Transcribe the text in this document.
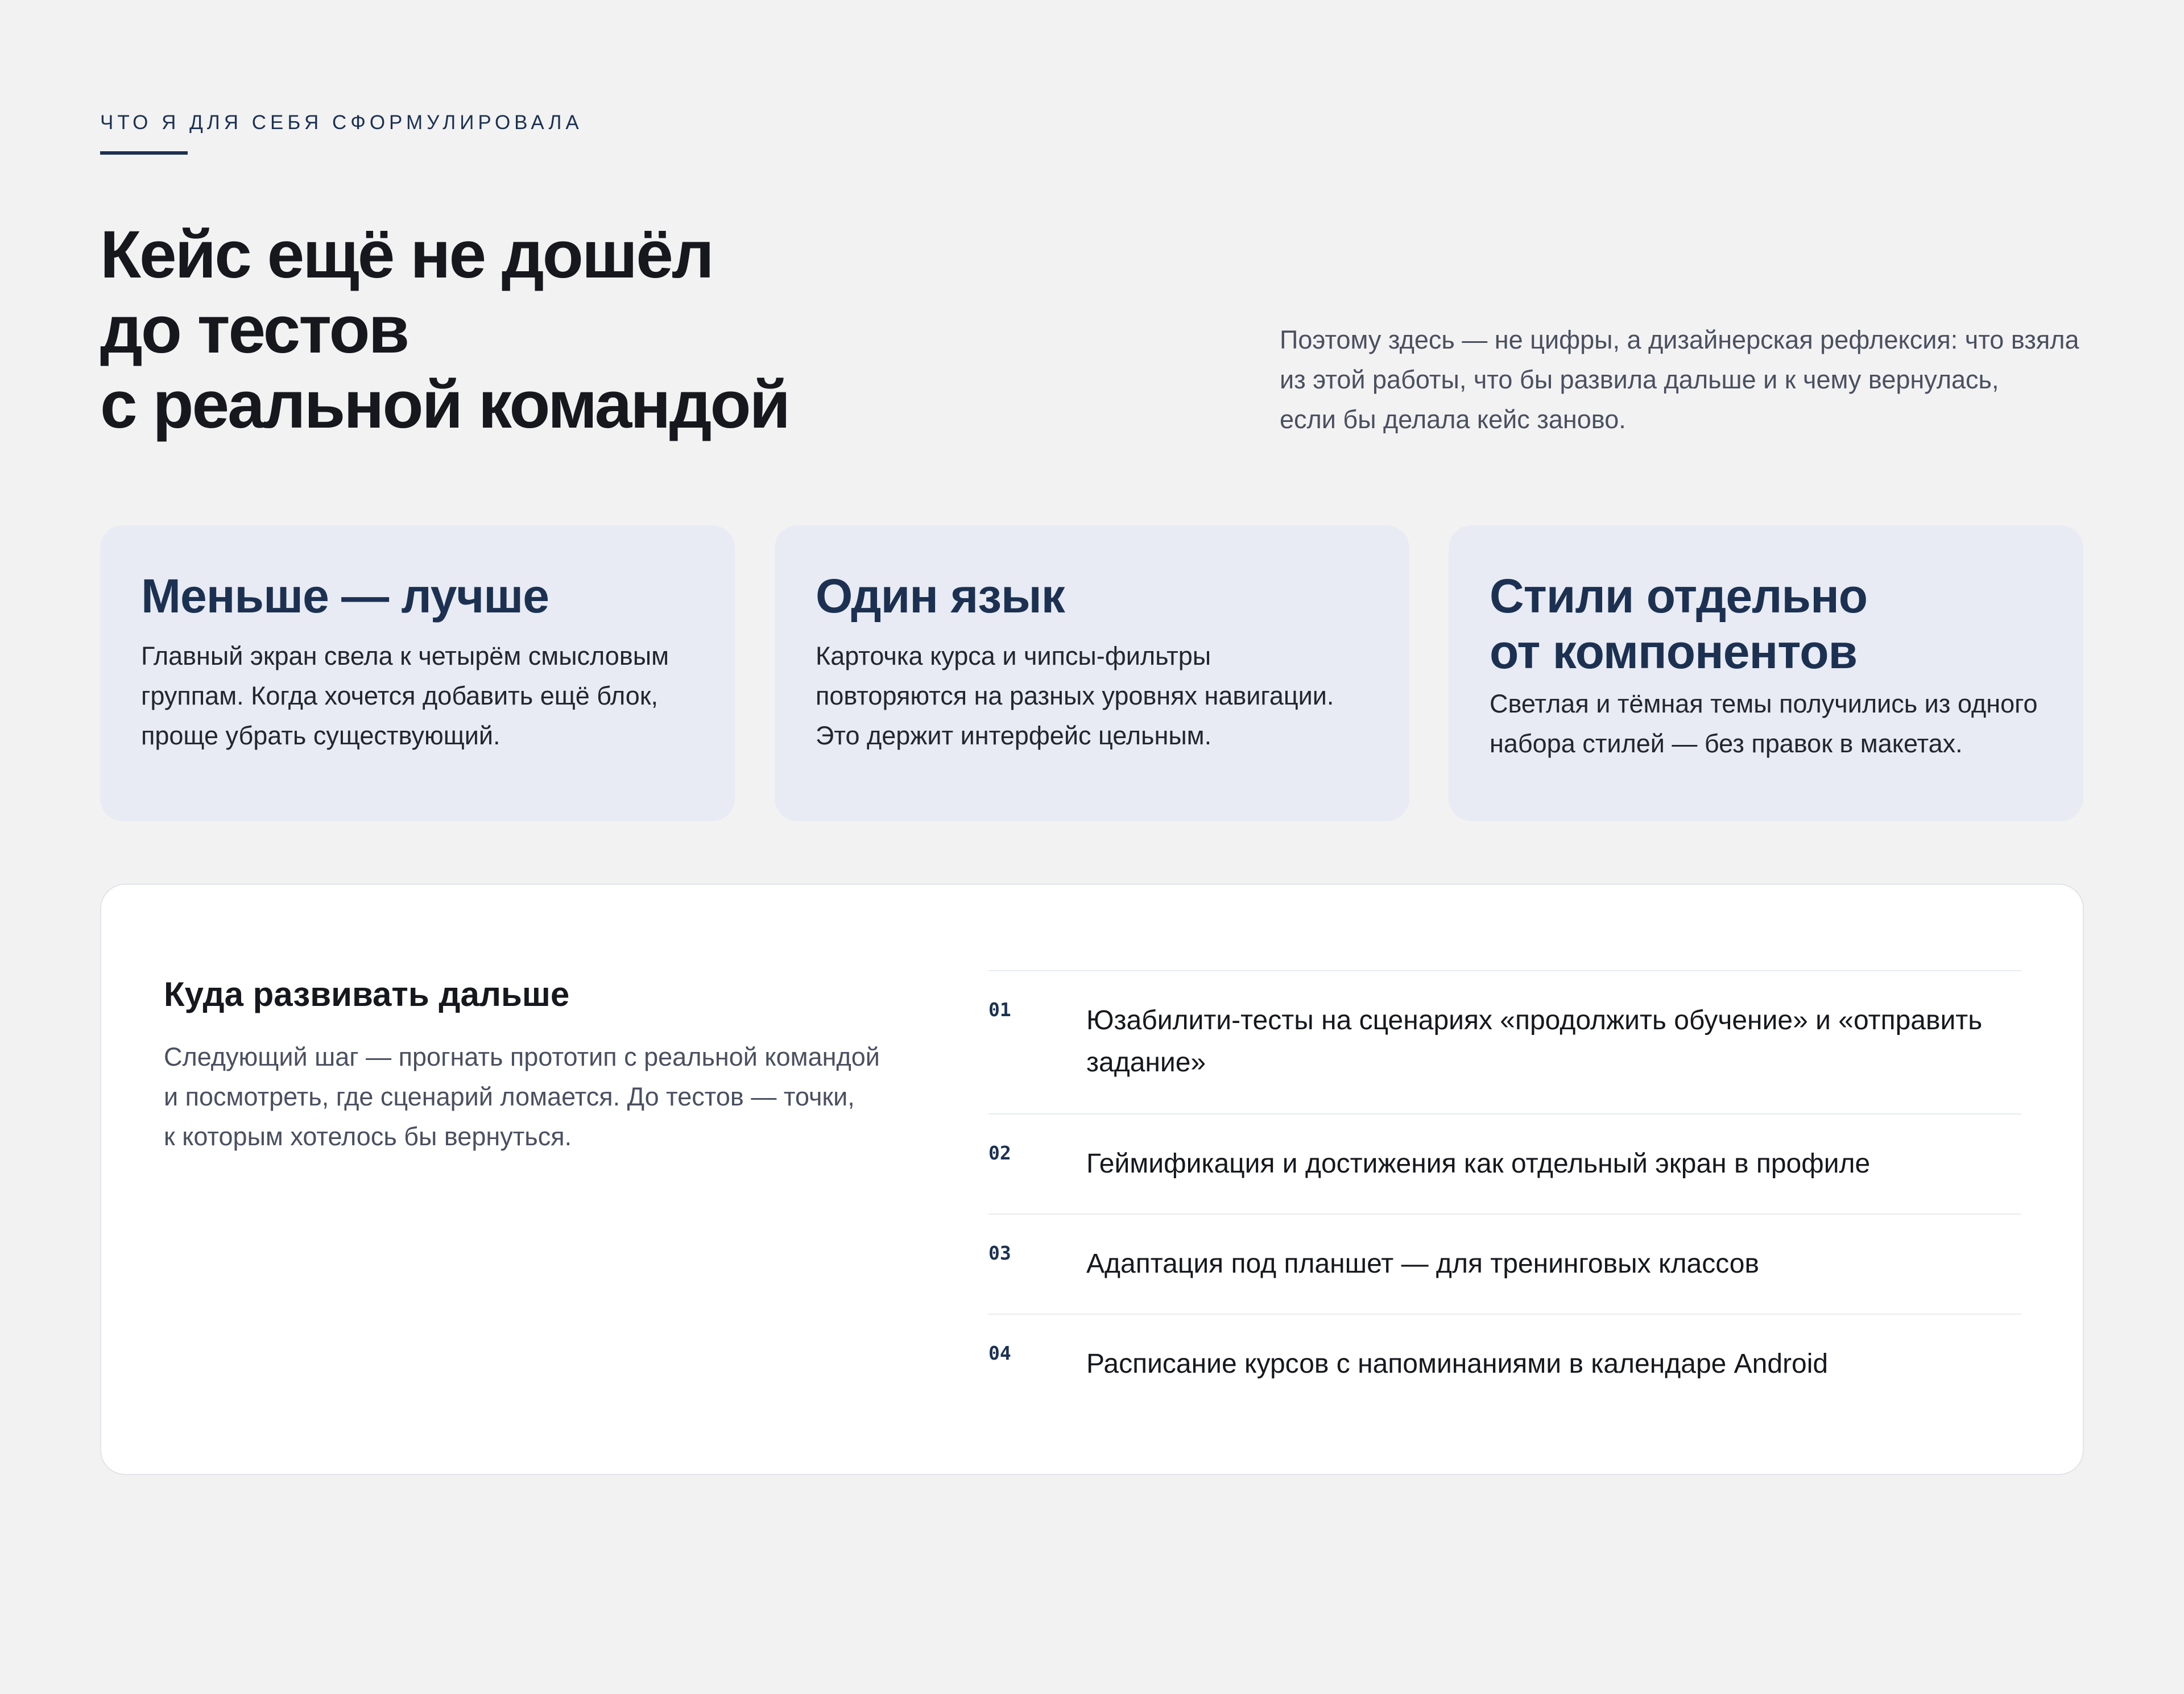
ЧТО Я ДЛЯ СЕБЯ СФОРМУЛИРОВАЛА
Кейс ещё не дошёл
до тестов
с реальной командой

Поэтому здесь — не цифры, а дизайнерская рефлексия: что взяла
из этой работы, что бы развила дальше и к чему вернулась,
если бы делала кейс заново.

Меньше — лучше
Главный экран свела к четырём смысловым
группам. Когда хочется добавить ещё блок,
проще убрать существующий.
Один язык
Карточка курса и чипсы-фильтры
повторяются на разных уровнях навигации.
Это держит интерфейс цельным.
Стили отдельно
от компонентов
Светлая и тёмная темы получились из одного
набора стилей — без правок в макетах.
Куда развивать дальше
Следующий шаг — прогнать прототип с реальной командой
и посмотреть, где сценарий ломается. До тестов — точки,
к которым хотелось бы вернуться.
01	Юзабилити-тесты на сценариях «продолжить обучение» и «отправить
задание»
02	Геймификация и достижения как отдельный экран в профиле
03	Адаптация под планшет — для тренинговых классов
04	Расписание курсов с напоминаниями в календаре Android
